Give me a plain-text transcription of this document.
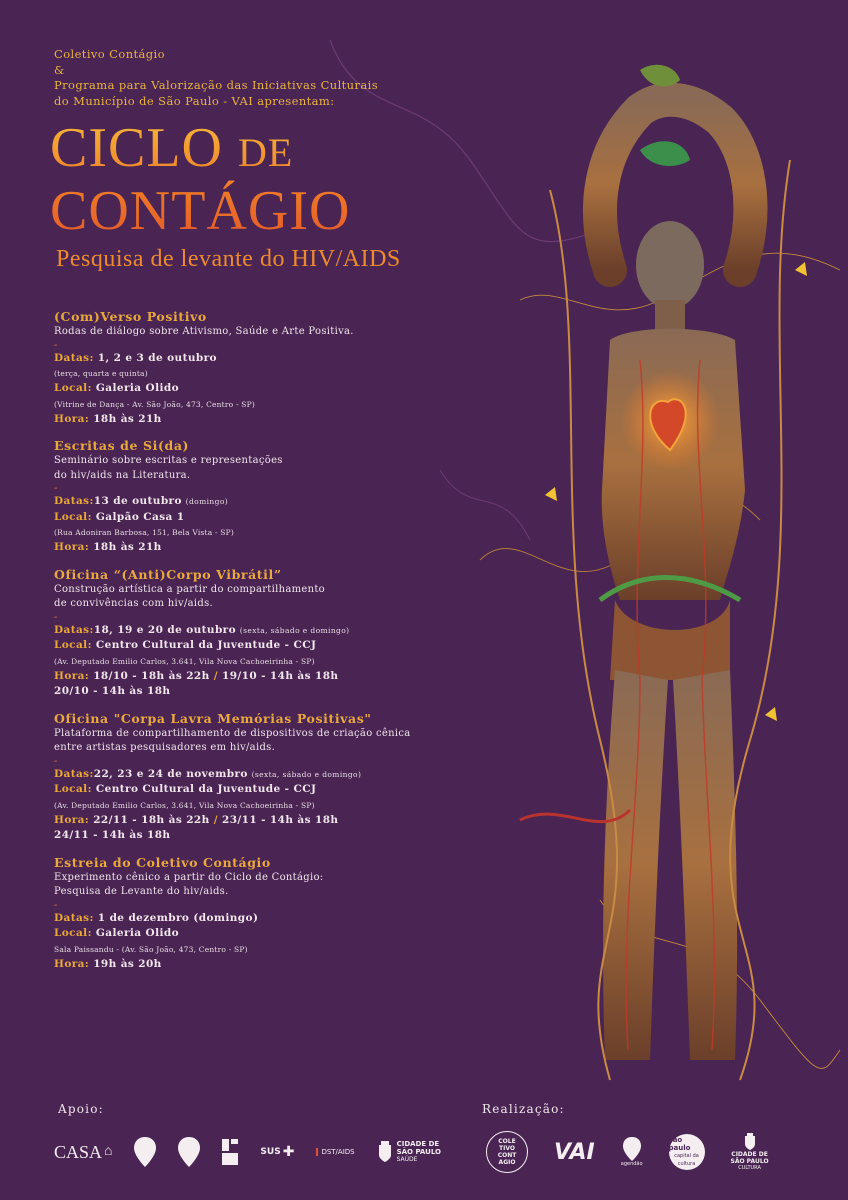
Coletivo Contágio
&
Programa para Valorização das Iniciativas Culturais
do Município de São Paulo - VAI apresentam:
CICLO DE
CONTÁGIO
Pesquisa de levante do HIV/AIDS
(Com)Verso Positivo
Rodas de diálogo sobre Ativismo, Saúde e Arte Positiva.
-
Datas: 1, 2 e 3 de outubro
(terça, quarta e quinta)
Local: Galeria Olido
(Vitrine de Dança - Av. São João, 473, Centro - SP)
Hora: 18h às 21h
Escritas de Si(da)
Seminário sobre escritas e representações
do hiv/aids na Literatura.
-
Datas:13 de outubro (domingo)
Local: Galpão Casa 1
(Rua Adoniran Barbosa, 151, Bela Vista - SP)
Hora: 18h às 21h
Oficina “(Anti)Corpo Vibrátil”
Construção artística a partir do compartilhamento
de convivências com hiv/aids.
-
Datas:18, 19 e 20 de outubro (sexta, sábado e domingo)
Local: Centro Cultural da Juventude - CCJ
(Av. Deputado Emilio Carlos, 3.641, Vila Nova Cachoeirinha - SP)
Hora: 18/10 - 18h às 22h / 19/10 - 14h às 18h
20/10 - 14h às 18h
Oficina "Corpa Lavra Memórias Positivas"
Plataforma de compartilhamento de dispositivos de criação cênica
entre artistas pesquisadores em hiv/aids.
-
Datas:22, 23 e 24 de novembro (sexta, sábado e domingo)
Local: Centro Cultural da Juventude - CCJ
(Av. Deputado Emilio Carlos, 3.641, Vila Nova Cachoeirinha - SP)
Hora: 22/11 - 18h às 22h / 23/11 - 14h às 18h
24/11 - 14h às 18h
Estreia do Coletivo Contágio
Experimento cênico a partir do Ciclo de Contágio:
Pesquisa de Levante do hiv/aids.
-
Datas: 1 de dezembro (domingo)
Local: Galeria Olido
Sala Paissandu - (Av. São João, 473, Centro - SP)
Hora: 19h às 20h
Apoio:	Realização:
CASA ⌂	SUS ✚	DST/AIDS
CIDADE DE
SÃO PAULO
SAÚDE
COLE TIVO CONT AGIO VAI	agendão
são paulo
capital da cultura
CIDADE DE
SÃO PAULO
CULTURA
